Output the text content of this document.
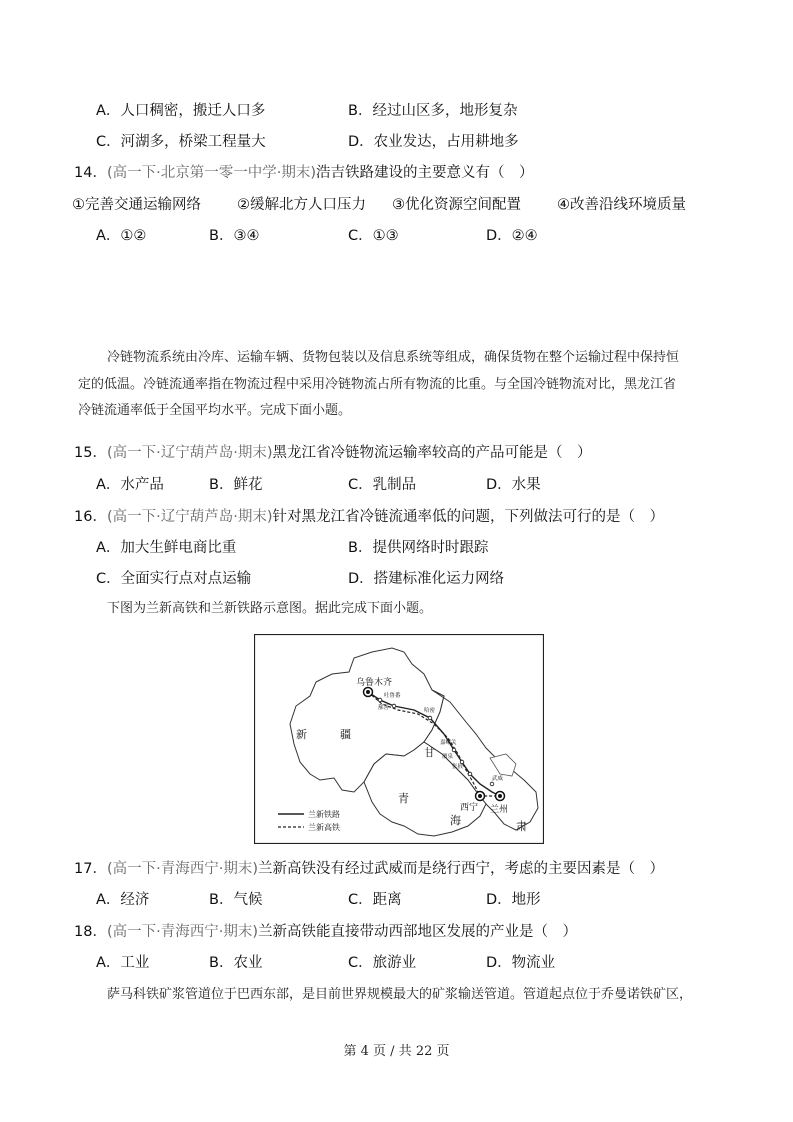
A．人口稠密，搬迁人口多	B．经过山区多，地形复杂
C．河湖多，桥梁工程量大	D．农业发达，占用耕地多
14．(高一下·北京第一零一中学·期末)浩吉铁路建设的主要意义有（　）
①完善交通运输网络 ②缓解北方人口压力 ③优化资源空间配置 ④改善沿线环境质量
A．①②	B．③④	C．①③	D．②④
冷链物流系统由冷库、运输车辆、货物包装以及信息系统等组成，确保货物在整个运输过程中保持恒
定的低温。冷链流通率指在物流过程中采用冷链物流占所有物流的比重。与全国冷链物流对比，黑龙江省
冷链流通率低于全国平均水平。完成下面小题。
15．(高一下·辽宁葫芦岛·期末)黑龙江省冷链物流运输率较高的产品可能是（　）
A．水产品	B．鲜花	C．乳制品	D．水果
16．(高一下·辽宁葫芦岛·期末)针对黑龙江省冷链流通率低的问题，下列做法可行的是（　）
A．加大生鲜电商比重	B．提供网络时时跟踪
C．全面实行点对点运输	D．搭建标准化运力网络
下图为兰新高铁和兰新铁路示意图。据此完成下面小题。
乌鲁木齐
吐鲁番
鄯善	哈密
嘉峪关
酒泉
张掖
武威
西宁 兰州
新	疆
甘
肃
青
海
兰新铁路
兰新高铁
17．(高一下·青海西宁·期末)兰新高铁没有经过武威而是绕行西宁，考虑的主要因素是（　）
A．经济	B．气候	C．距离	D．地形
18．(高一下·青海西宁·期末)兰新高铁能直接带动西部地区发展的产业是（　）
A．工业	B．农业	C．旅游业	D．物流业
萨马科铁矿浆管道位于巴西东部，是目前世界规模最大的矿浆输送管道。管道起点位于乔曼诺铁矿区，
第 4 页 / 共 22 页
